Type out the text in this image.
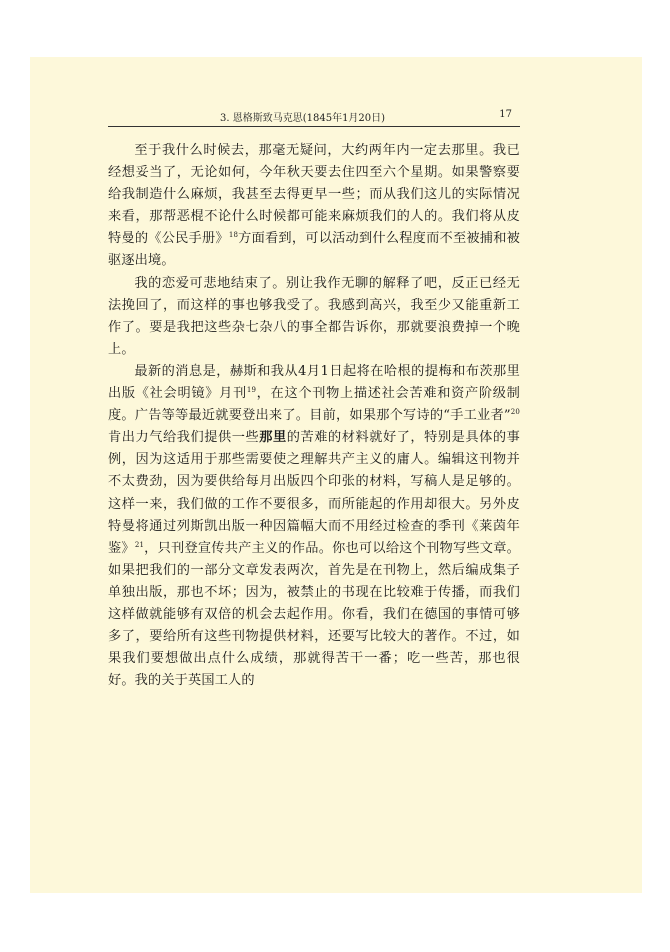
3. 恩格斯致马克思(1845年1月20日)	17

至于我什么时候去，那毫无疑问，大约两年内一定去那里。我已经想妥当了，无论如何，今年秋天要去住四至六个星期。如果警察要给我制造什么麻烦，我甚至去得更早一些；而从我们这儿的实际情况来看，那帮恶棍不论什么时候都可能来麻烦我们的人的。我们将从皮特曼的《公民手册》$^{18}$方面看到，可以活动到什么程度而不至被捕和被驱逐出境。

我的恋爱可悲地结束了。别让我作无聊的解释了吧，反正已经无法挽回了，而这样的事也够我受了。我感到高兴，我至少又能重新工作了。要是我把这些杂七杂八的事全都告诉你，那就要浪费掉一个晚上。

最新的消息是，赫斯和我从4月1日起将在哈根的提梅和布茨那里出版《社会明镜》月刊$^{19}$，在这个刊物上描述社会苦难和资产阶级制度。广告等等最近就要登出来了。目前，如果那个写诗的“手工业者”$^{20}$肯出力气给我们提供一些那里的苦难的材料就好了，特别是具体的事例，因为这适用于那些需要使之理解共产主义的庸人。编辑这刊物并不太费劲，因为要供给每月出版四个印张的材料，写稿人是足够的。这样一来，我们做的工作不要很多，而所能起的作用却很大。另外皮特曼将通过列斯凯出版一种因篇幅大而不用经过检查的季刊《莱茵年鉴》$^{21}$，只刊登宣传共产主义的作品。你也可以给这个刊物写些文章。如果把我们的一部分文章发表两次，首先是在刊物上，然后编成集子单独出版，那也不坏；因为，被禁止的书现在比较难于传播，而我们这样做就能够有双倍的机会去起作用。你看，我们在德国的事情可够多了，要给所有这些刊物提供材料，还要写比较大的著作。不过，如果我们要想做出点什么成绩，那就得苦干一番；吃一些苦，那也很好。我的关于英国工人的
